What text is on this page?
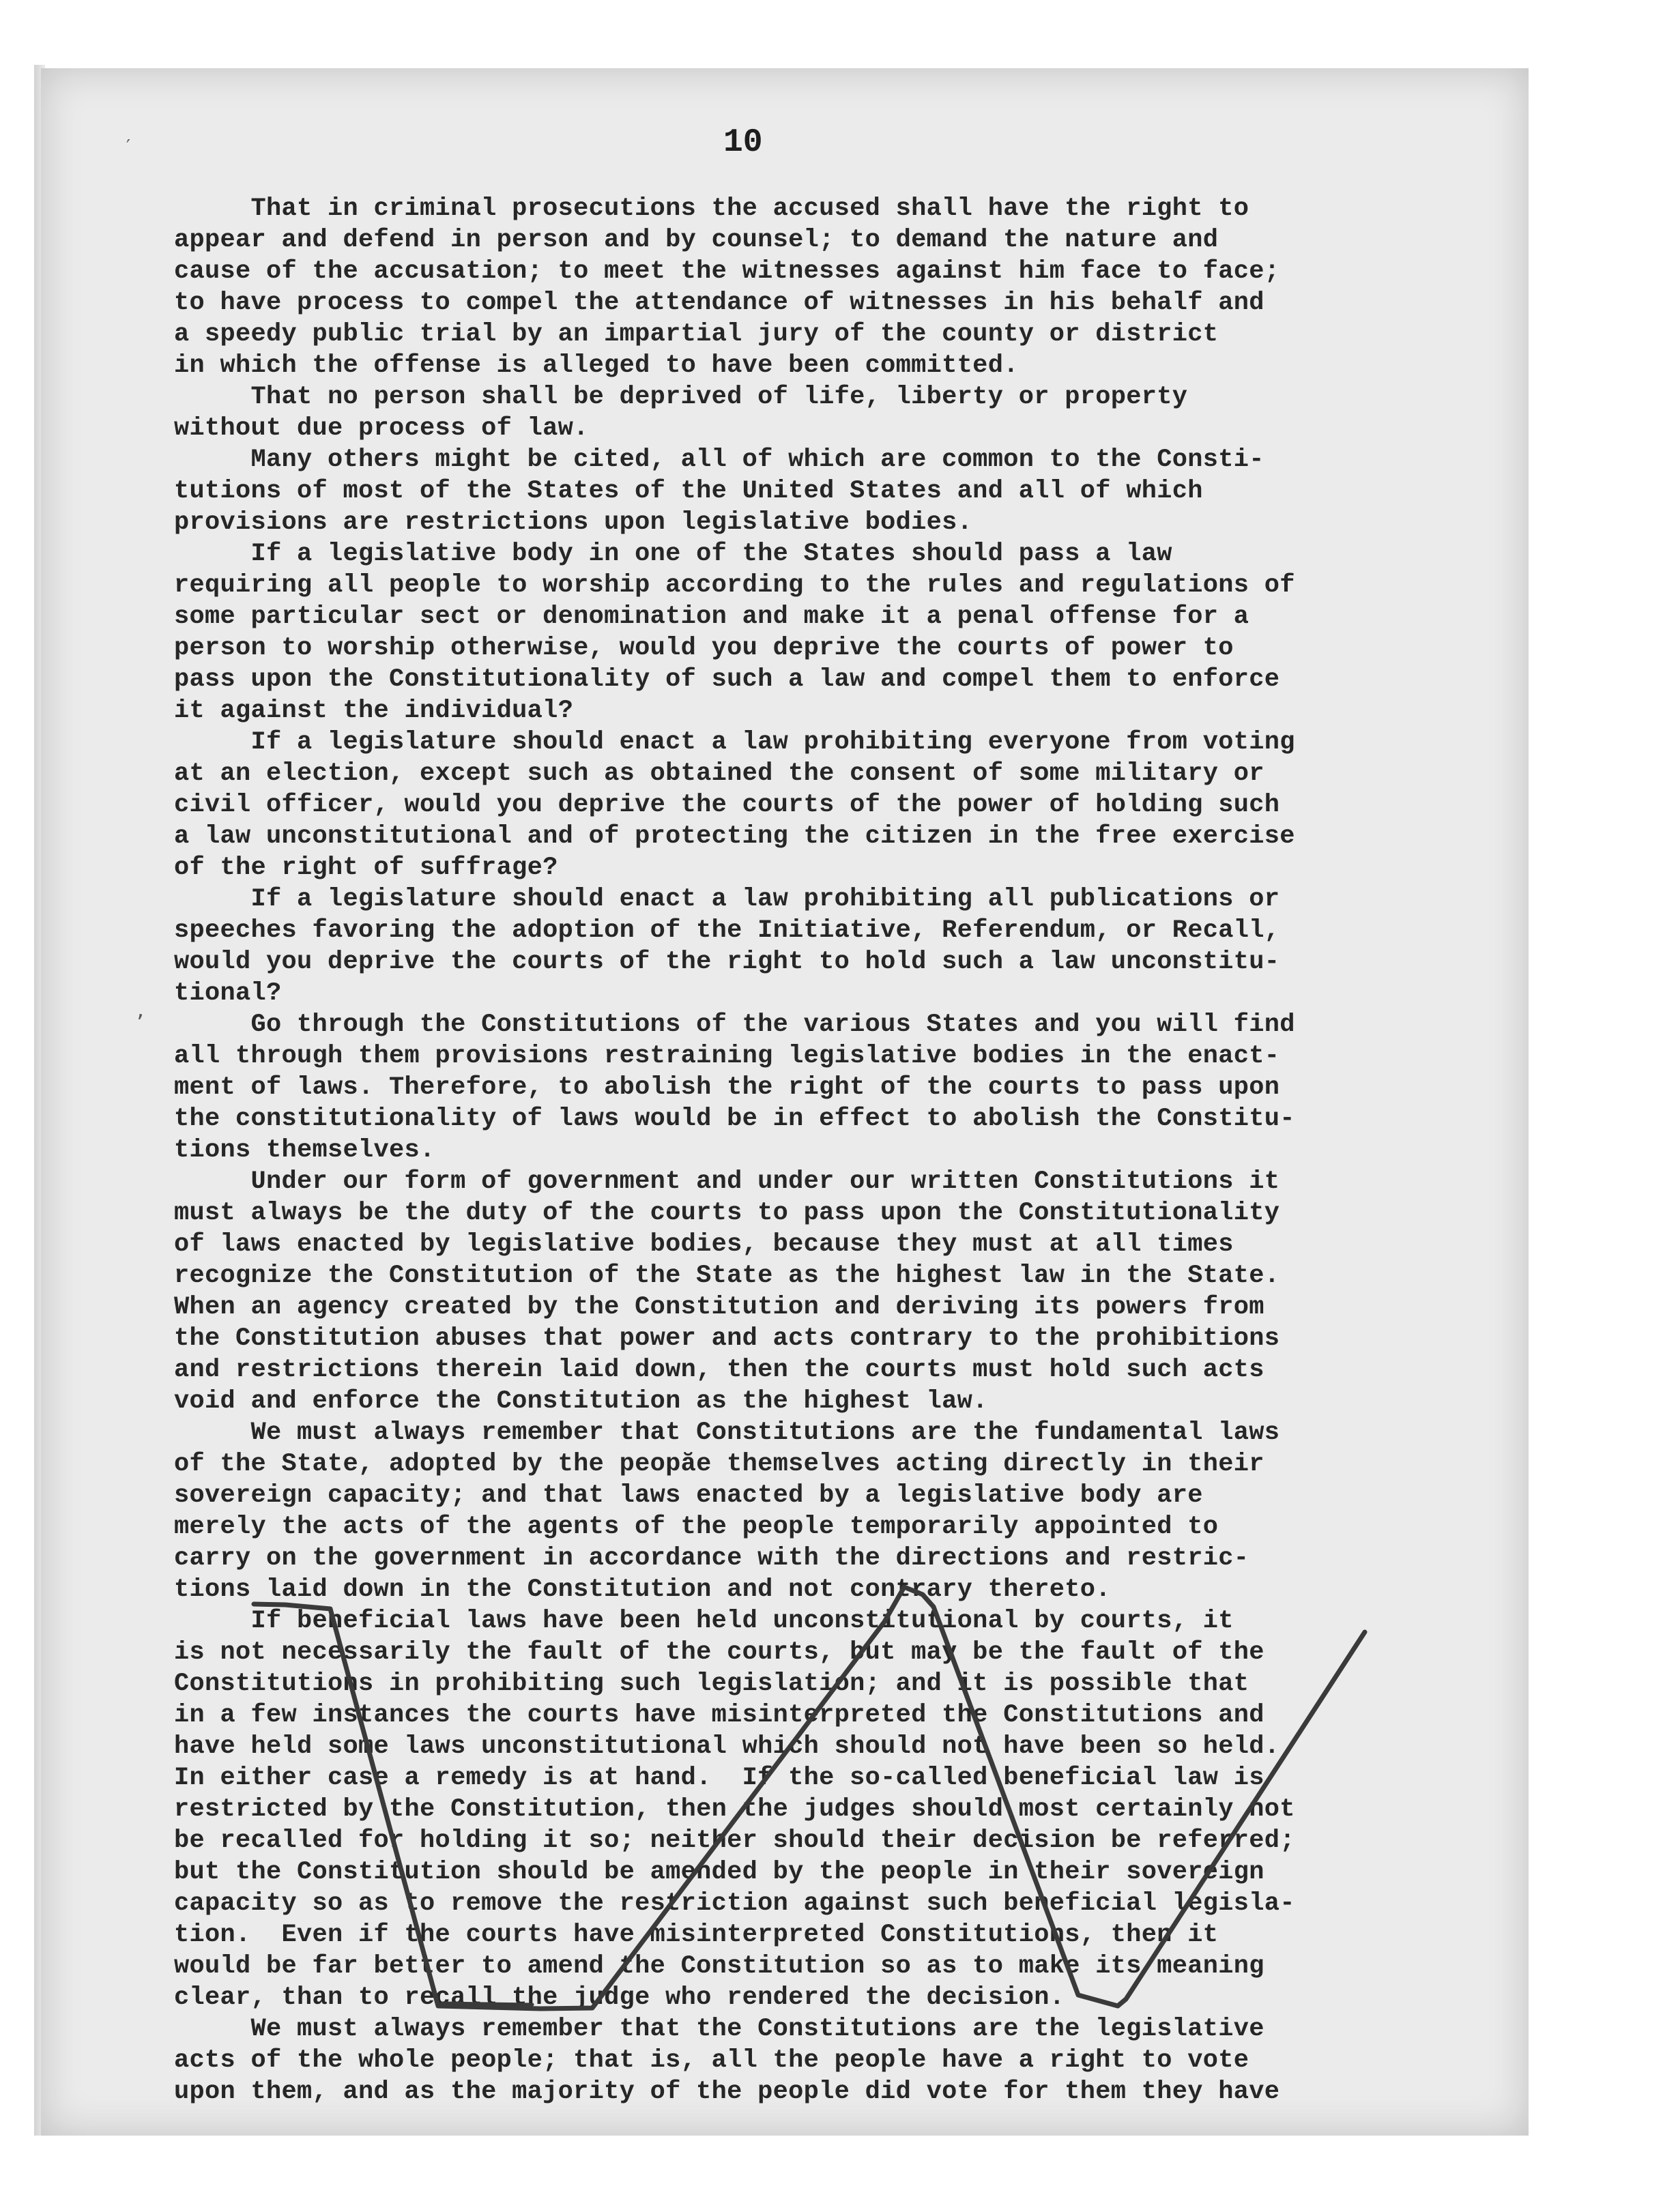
′
’
10
That in criminal prosecutions the accused shall have the right to
appear and defend in person and by counsel; to demand the nature and
cause of the accusation; to meet the witnesses against him face to face;
to have process to compel the attendance of witnesses in his behalf and
a speedy public trial by an impartial jury of the county or district
in which the offense is alleged to have been committed.
That no person shall be deprived of life, liberty or property
without due process of law.
Many others might be cited, all of which are common to the Consti-
tutions of most of the States of the United States and all of which
provisions are restrictions upon legislative bodies.
If a legislative body in one of the States should pass a law
requiring all people to worship according to the rules and regulations of
some particular sect or denomination and make it a penal offense for a
person to worship otherwise, would you deprive the courts of power to
pass upon the Constitutionality of such a law and compel them to enforce
it against the individual?
If a legislature should enact a law prohibiting everyone from voting
at an election, except such as obtained the consent of some military or
civil officer, would you deprive the courts of the power of holding such
a law unconstitutional and of protecting the citizen in the free exercise
of the right of suffrage?
If a legislature should enact a law prohibiting all publications or
speeches favoring the adoption of the Initiative, Referendum, or Recall,
would you deprive the courts of the right to hold such a law unconstitu-
tional?
Go through the Constitutions of the various States and you will find
all through them provisions restraining legislative bodies in the enact-
ment of laws. Therefore, to abolish the right of the courts to pass upon
the constitutionality of laws would be in effect to abolish the Constitu-
tions themselves.
Under our form of government and under our written Constitutions it
must always be the duty of the courts to pass upon the Constitutionality
of laws enacted by legislative bodies, because they must at all times
recognize the Constitution of the State as the highest law in the State.
When an agency created by the Constitution and deriving its powers from
the Constitution abuses that power and acts contrary to the prohibitions
and restrictions therein laid down, then the courts must hold such acts
void and enforce the Constitution as the highest law.
We must always remember that Constitutions are the fundamental laws
of the State, adopted by the peopăe themselves acting directly in their
sovereign capacity; and that laws enacted by a legislative body are
merely the acts of the agents of the people temporarily appointed to
carry on the government in accordance with the directions and restric-
tions laid down in the Constitution and not contrary thereto.
If beneficial laws have been held unconstitutional by courts, it
is not necessarily the fault of the courts, but may be the fault of the
Constitutions in prohibiting such legislation; and it is possible that
in a few instances the courts have misinterpreted the Constitutions and
have held some laws unconstitutional which should not have been so held.
In either case a remedy is at hand.  If the so-called beneficial law is
restricted by the Constitution, then the judges should most certainly not
be recalled for holding it so; neither should their decision be referred;
but the Constitution should be amended by the people in their sovereign
capacity so as to remove the restriction against such beneficial legisla-
tion.  Even if the courts have misinterpreted Constitutions, then it
would be far better to amend the Constitution so as to make its meaning
clear, than to recall the judge who rendered the decision.
We must always remember that the Constitutions are the legislative
acts of the whole people; that is, all the people have a right to vote
upon them, and as the majority of the people did vote for them they have
